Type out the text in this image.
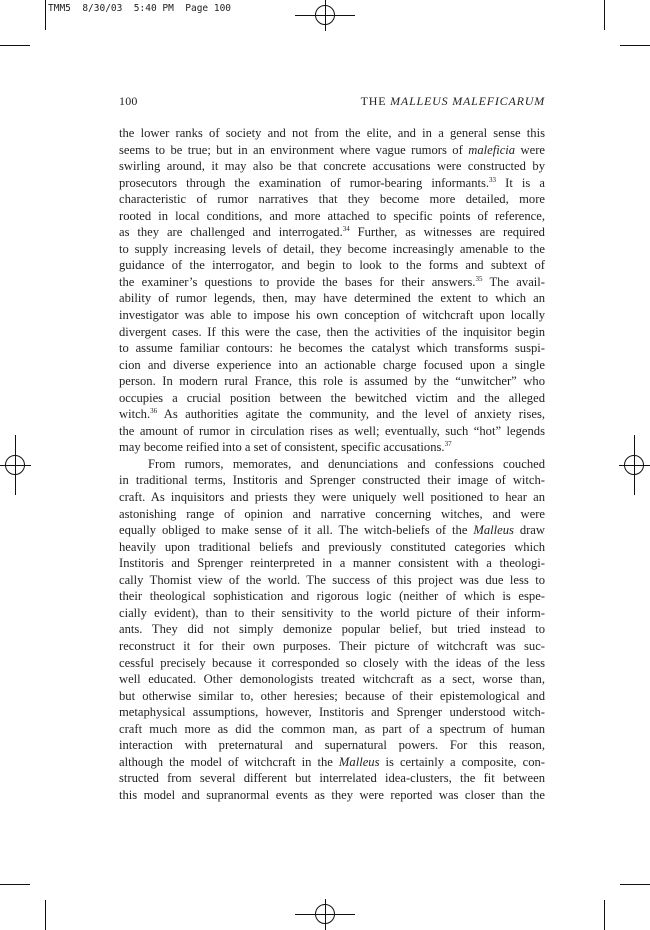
TMM5  8/30/03  5:40 PM  Page 100
100	THE MALLEUS MALEFICARUM

the lower ranks of society and not from the elite, and in a general sense this
seems to be true; but in an environment where vague rumors of maleficia were
swirling around, it may also be that concrete accusations were constructed by
prosecutors through the examination of rumor-bearing informants.$^{33}$ It is a
characteristic of rumor narratives that they become more detailed, more
rooted in local conditions, and more attached to specific points of reference,
as they are challenged and interrogated.$^{34}$ Further, as witnesses are required
to supply increasing levels of detail, they become increasingly amenable to the
guidance of the interrogator, and begin to look to the forms and subtext of
the examiner’s questions to provide the bases for their answers.$^{35}$ The avail-
ability of rumor legends, then, may have determined the extent to which an
investigator was able to impose his own conception of witchcraft upon locally
divergent cases. If this were the case, then the activities of the inquisitor begin
to assume familiar contours: he becomes the catalyst which transforms suspi-
cion and diverse experience into an actionable charge focused upon a single
person. In modern rural France, this role is assumed by the “unwitcher” who
occupies a crucial position between the bewitched victim and the alleged
witch.$^{36}$ As authorities agitate the community, and the level of anxiety rises,
the amount of rumor in circulation rises as well; eventually, such “hot” legends
may become reified into a set of consistent, specific accusations.$^{37}$

From rumors, memorates, and denunciations and confessions couched
in traditional terms, Institoris and Sprenger constructed their image of witch-
craft. As inquisitors and priests they were uniquely well positioned to hear an
astonishing range of opinion and narrative concerning witches, and were
equally obliged to make sense of it all. The witch-beliefs of the Malleus draw
heavily upon traditional beliefs and previously constituted categories which
Institoris and Sprenger reinterpreted in a manner consistent with a theologi-
cally Thomist view of the world. The success of this project was due less to
their theological sophistication and rigorous logic (neither of which is espe-
cially evident), than to their sensitivity to the world picture of their inform-
ants. They did not simply demonize popular belief, but tried instead to
reconstruct it for their own purposes. Their picture of witchcraft was suc-
cessful precisely because it corresponded so closely with the ideas of the less
well educated. Other demonologists treated witchcraft as a sect, worse than,
but otherwise similar to, other heresies; because of their epistemological and
metaphysical assumptions, however, Institoris and Sprenger understood witch-
craft much more as did the common man, as part of a spectrum of human
interaction with preternatural and supernatural powers. For this reason,
although the model of witchcraft in the Malleus is certainly a composite, con-
structed from several different but interrelated idea-clusters, the fit between
this model and supranormal events as they were reported was closer than the
